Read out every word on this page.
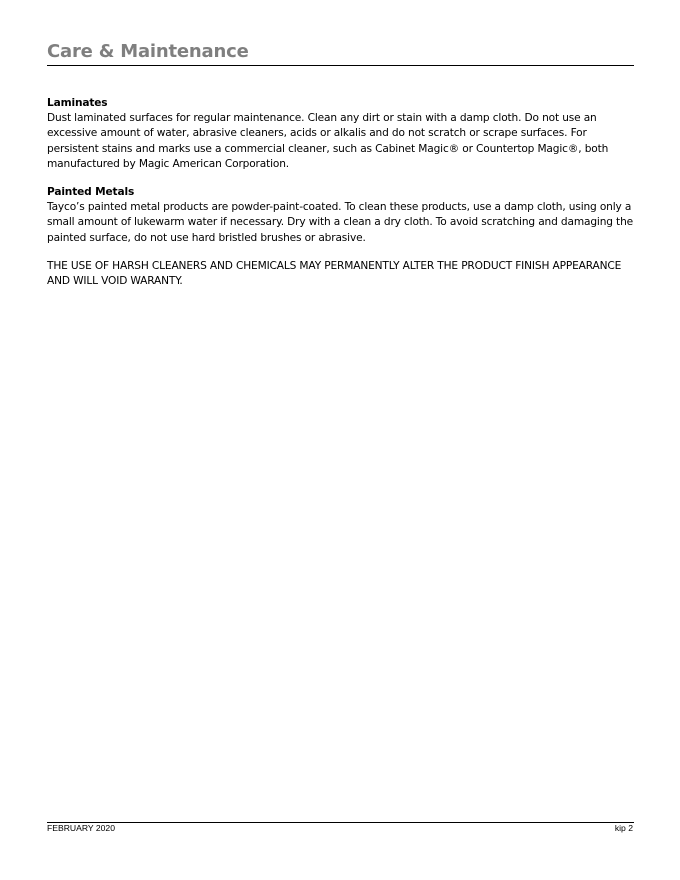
Care & Maintenance

Laminates

Dust laminated surfaces for regular maintenance. Clean any dirt or stain with a damp cloth. Do not use an excessive amount of water, abrasive cleaners, acids or alkalis and do not scratch or scrape surfaces. For persistent stains and marks use a commercial cleaner, such as Cabinet Magic® or Countertop Magic®, both manufactured by Magic American Corporation.

Painted Metals

Tayco’s painted metal products are powder-paint-coated. To clean these products, use a damp cloth, using only a small amount of lukewarm water if necessary. Dry with a clean a dry cloth. To avoid scratching and damaging the painted surface, do not use hard bristled brushes or abrasive.

THE USE OF HARSH CLEANERS AND CHEMICALS MAY PERMANENTLY ALTER THE PRODUCT FINISH APPEARANCE AND WILL VOID WARANTY.

FEBRUARY 2020	kip 2
